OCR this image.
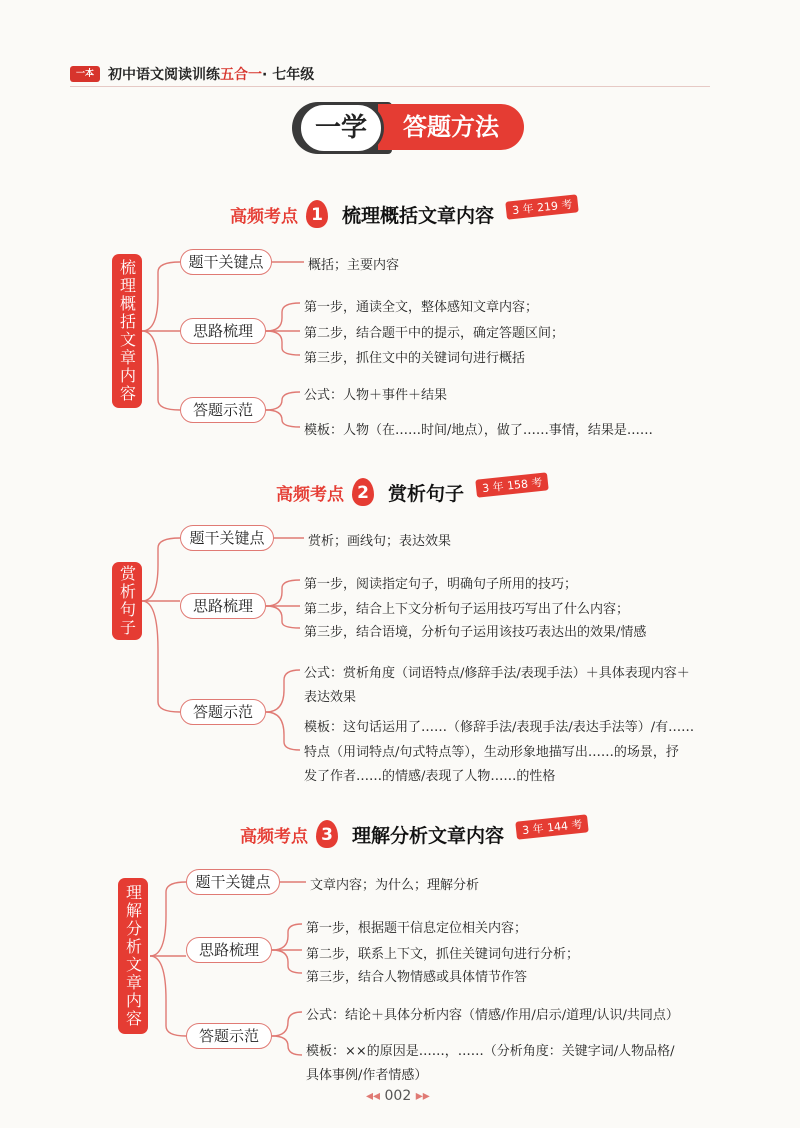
一本	初中语文阅读训练五合一· 七年级
答题方法
一学
高频考点 1 梳理概括文章内容	3 年 219 考
梳理概括文章内容	题干关键点	概括；主要内容
思路梳理
第一步，通读全文，整体感知文章内容；
第二步，结合题干中的提示，确定答题区间；
第三步，抓住文中的关键词句进行概括
答题示范
公式：人物＋事件＋结果
模板：人物（在……时间/地点），做了……事情，结果是……
高频考点 2 赏析句子	3 年 158 考
赏析句子
题干关键点	赏析；画线句；表达效果
思路梳理
第一步，阅读指定句子，明确句子所用的技巧；
第二步，结合上下文分析句子运用技巧写出了什么内容；
第三步，结合语境，分析句子运用该技巧表达出的效果/情感
答题示范
公式：赏析角度（词语特点/修辞手法/表现手法）＋具体表现内容＋
表达效果
模板：这句话运用了……（修辞手法/表现手法/表达手法等）/有……
特点（用词特点/句式特点等），生动形象地描写出……的场景，抒
发了作者……的情感/表现了人物……的性格
高频考点 3 理解分析文章内容	3 年 144 考
理解分析文章内容
题干关键点	文章内容；为什么；理解分析
思路梳理
第一步，根据题干信息定位相关内容；
第二步，联系上下文，抓住关键词句进行分析；
第三步，结合人物情感或具体情节作答
答题示范
公式：结论＋具体分析内容（情感/作用/启示/道理/认识/共同点）
模板：××的原因是……，……（分析角度：关键字词/人物品格/
具体事例/作者情感）
◂◂ 002 ▸▸
